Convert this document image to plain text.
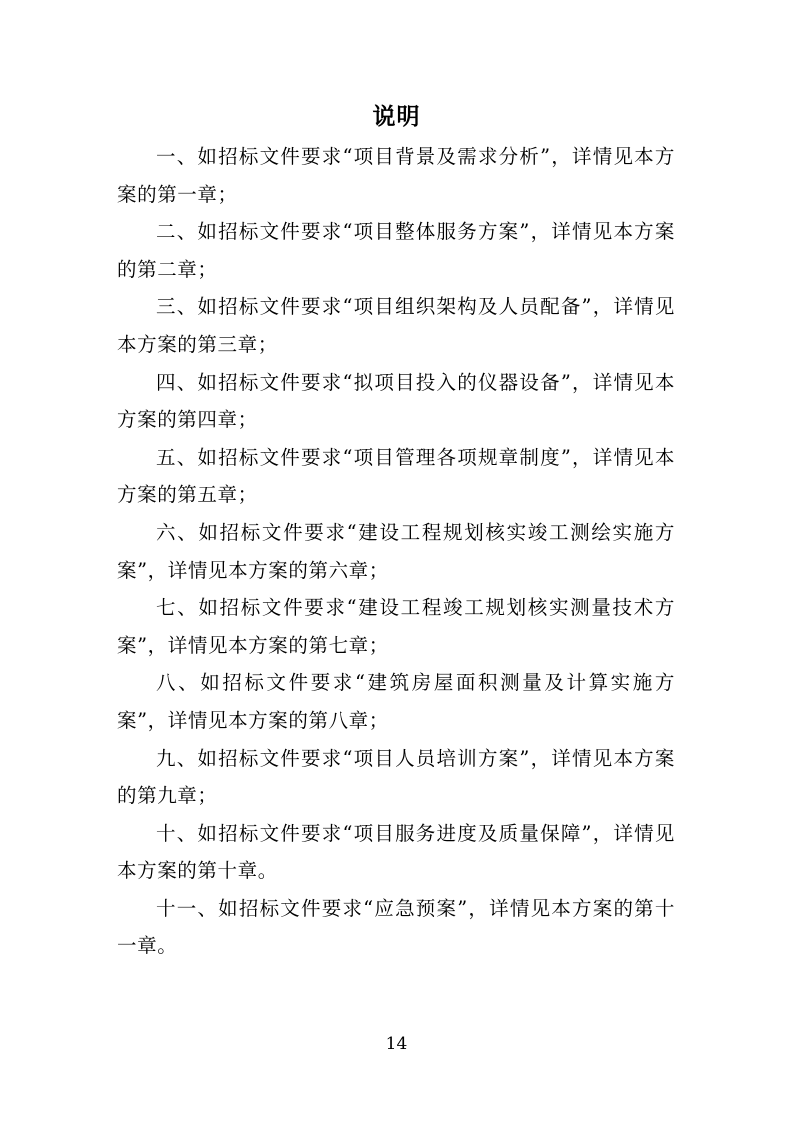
说明

一、如招标文件要求“项目背景及需求分析”，详情见本方案的第一章；

二、如招标文件要求“项目整体服务方案”，详情见本方案的第二章；

三、如招标文件要求“项目组织架构及人员配备”，详情见本方案的第三章；

四、如招标文件要求“拟项目投入的仪器设备”，详情见本方案的第四章；

五、如招标文件要求“项目管理各项规章制度”，详情见本方案的第五章；

六、如招标文件要求“建设工程规划核实竣工测绘实施方案”，详情见本方案的第六章；

七、如招标文件要求“建设工程竣工规划核实测量技术方案”，详情见本方案的第七章；

八、如招标文件要求“建筑房屋面积测量及计算实施方案”，详情见本方案的第八章；

九、如招标文件要求“项目人员培训方案”，详情见本方案的第九章；

十、如招标文件要求“项目服务进度及质量保障”，详情见本方案的第十章。

十一、如招标文件要求“应急预案”，详情见本方案的第十一章。

14
